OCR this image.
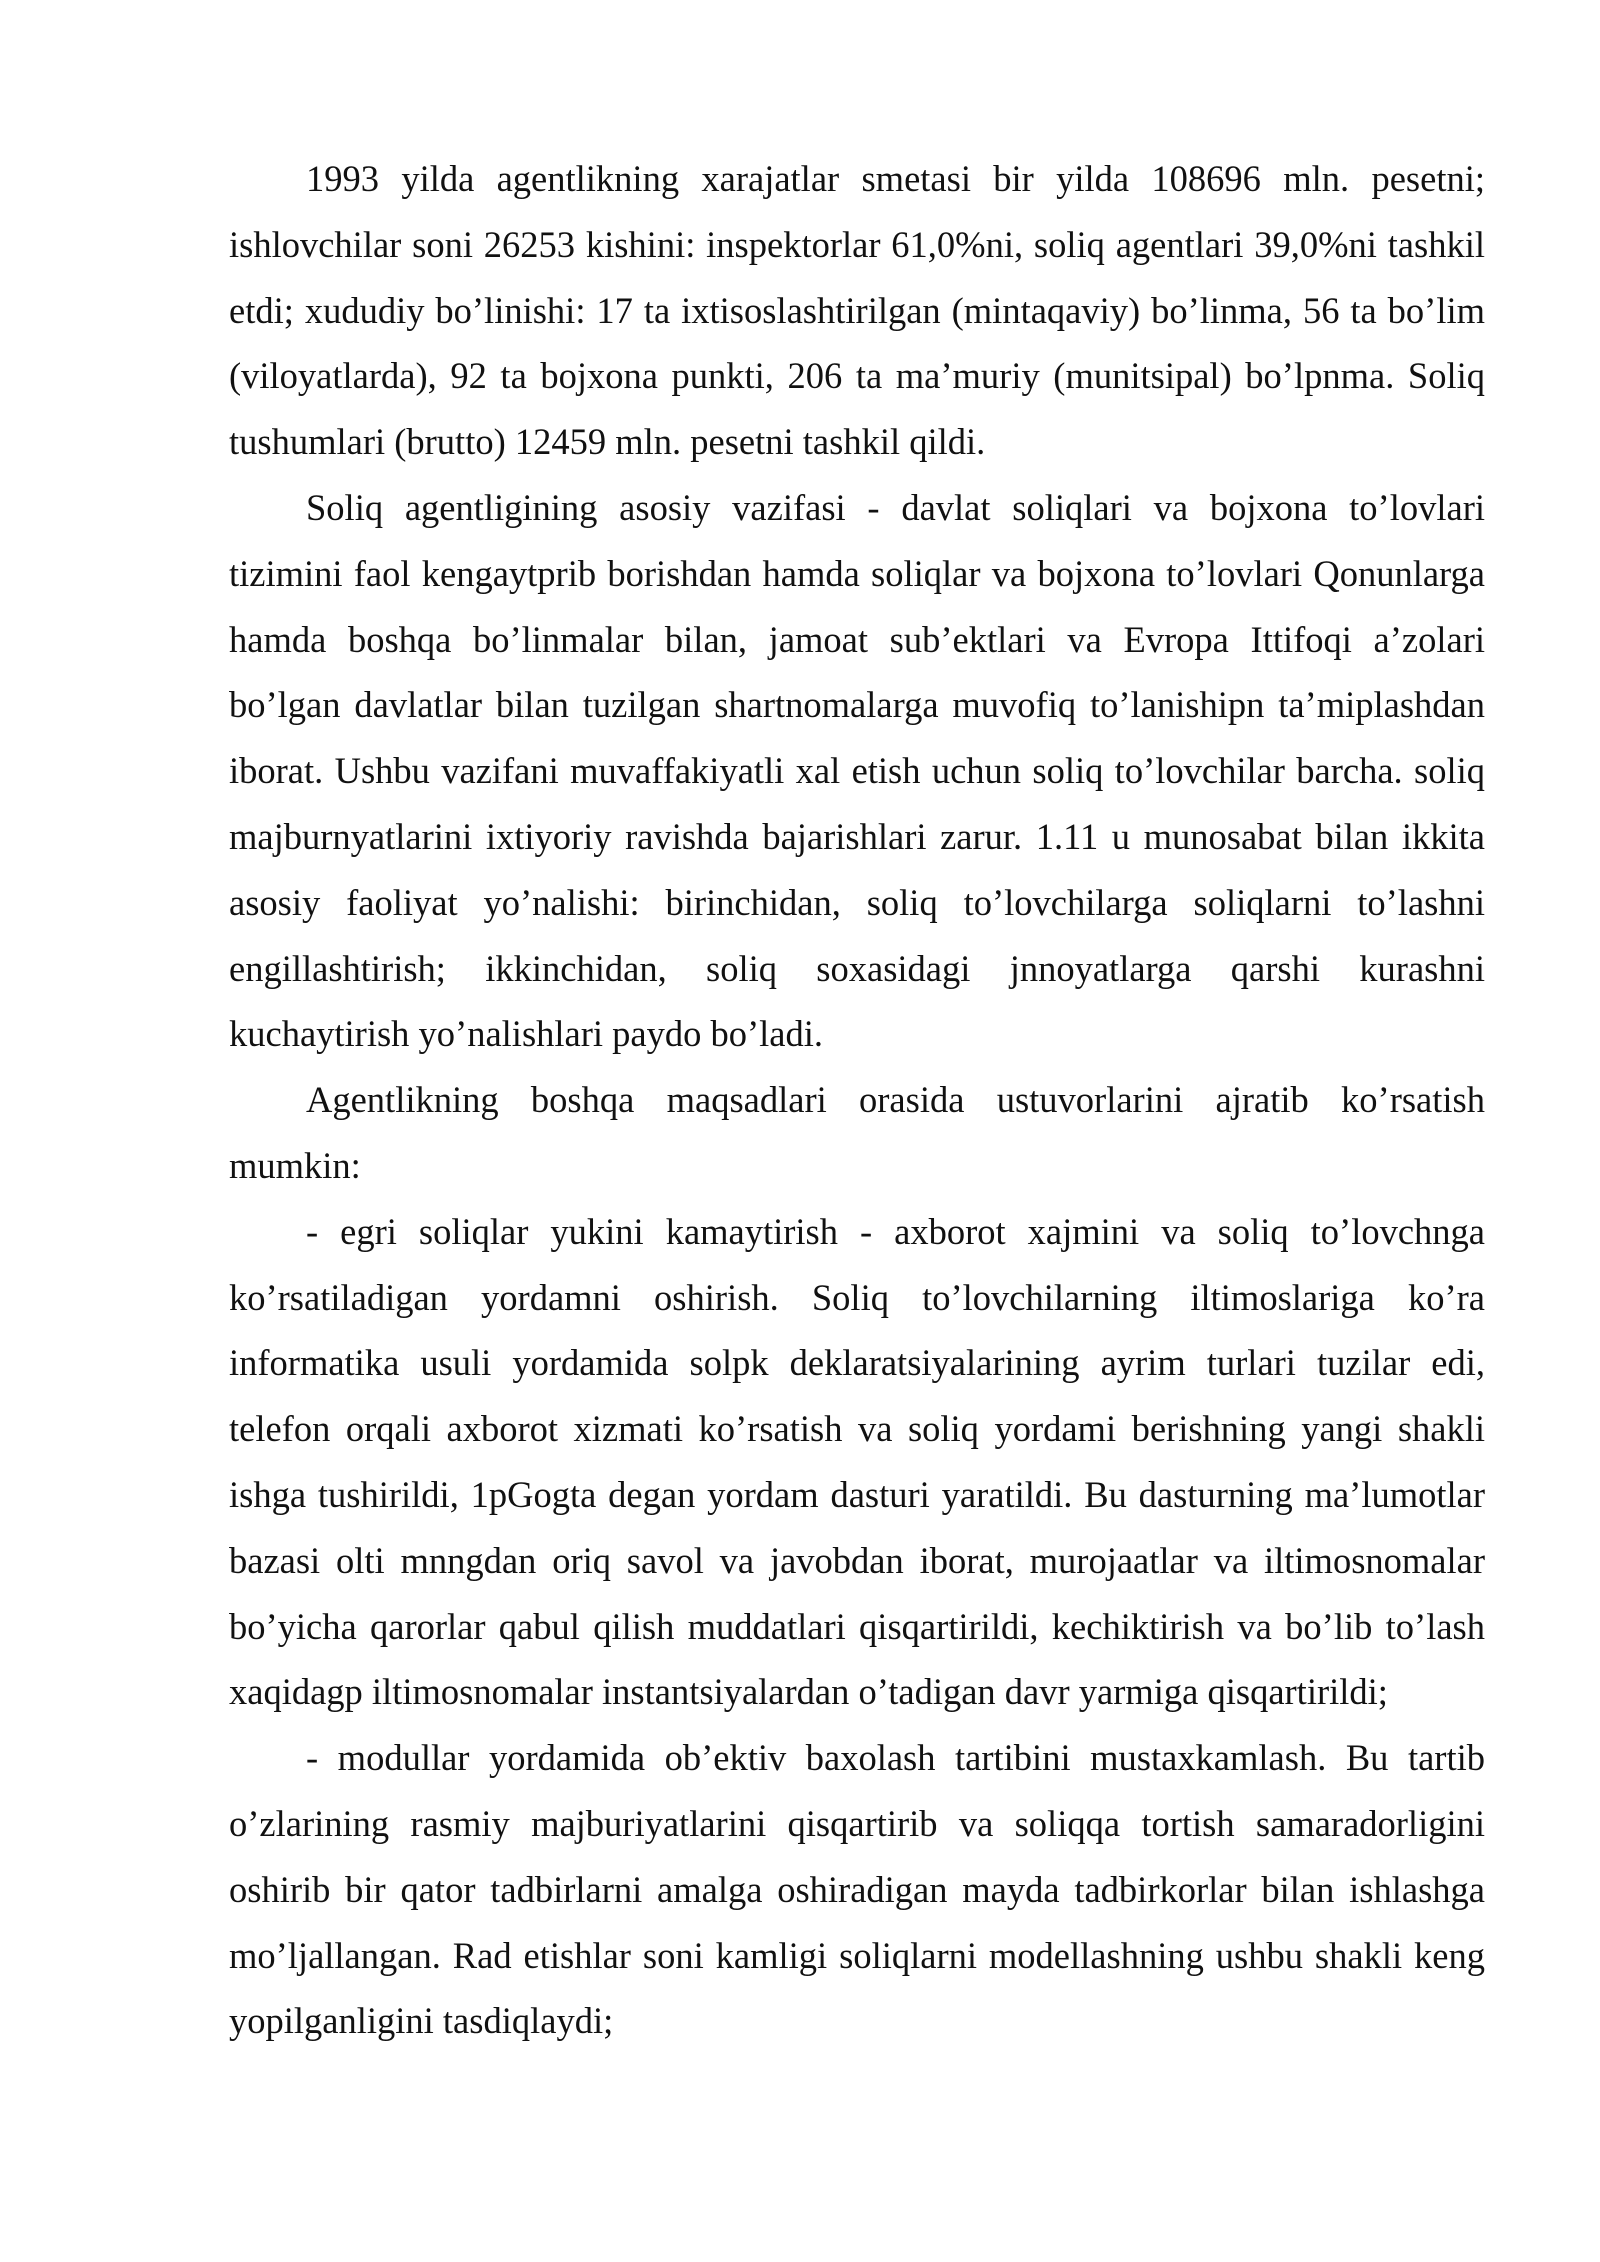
1993 yilda agentlikning xarajatlar smetasi bir yilda 108696 mln. pesetni; ishlovchilar soni 26253 kishini: inspektorlar 61,0%ni, soliq agentlari 39,0%ni tashkil etdi; xududiy bo’linishi: 17 ta ixtisoslashtirilgan (mintaqaviy) bo’linma, 56 ta bo’lim (viloyatlarda), 92 ta bojxona punkti, 206 ta ma’muriy (munitsipal) bo’lpnma. Soliq tushumlari (brutto) 12459 mln. pesetni tashkil qildi.

Soliq agentligining asosiy vazifasi - davlat soliqlari va bojxona to’lovlari tizimini faol kengaytprib borishdan hamda soliqlar va bojxona to’lovlari Qonunlarga hamda boshqa bo’linmalar bilan, jamoat sub’ektlari va Evropa Ittifoqi a’zolari bo’lgan davlatlar bilan tuzilgan shartnomalarga muvofiq to’lanishipn ta’miplashdan iborat. Ushbu vazifani muvaffakiyatli xal etish uchun soliq to’lovchilar barcha. soliq majburnyatlarini ixtiyoriy ravishda bajarishlari zarur. 1.11 u munosabat bilan ikkita asosiy faoliyat yo’nalishi: birinchidan, soliq to’lovchilarga soliqlarni to’lashni engillashtirish; ikkinchidan, soliq soxasidagi jnnoyatlarga qarshi kurashni kuchaytirish yo’nalishlari paydo bo’ladi.

Agentlikning boshqa maqsadlari orasida ustuvorlarini ajratib ko’rsatish mumkin:

- egri soliqlar yukini kamaytirish - axborot xajmini va soliq to’lovchnga ko’rsatiladigan yordamni oshirish. Soliq to’lovchilarning iltimoslariga ko’ra informatika usuli yordamida solpk deklaratsiyalarining ayrim turlari tuzilar edi, telefon orqali axborot xizmati ko’rsatish va soliq yordami berishning yangi shakli ishga tushirildi, 1pGogta degan yordam dasturi yaratildi. Bu dasturning ma’lumotlar bazasi olti mnngdan oriq savol va javobdan iborat, murojaatlar va iltimosnomalar bo’yicha qarorlar qabul qilish muddatlari qisqartirildi, kechiktirish va bo’lib to’lash xaqidagp iltimosnomalar instantsiyalardan o’tadigan davr yarmiga qisqartirildi;

- modullar yordamida ob’ektiv baxolash tartibini mustaxkamlash. Bu tartib o’zlarining rasmiy majburiyatlarini qisqartirib va soliqqa tortish samaradorligini oshirib bir qator tadbirlarni amalga oshiradigan mayda tadbirkorlar bilan ishlashga mo’ljallangan. Rad etishlar soni kamligi soliqlarni modellashning ushbu shakli keng yopilganligini tasdiqlaydi;
